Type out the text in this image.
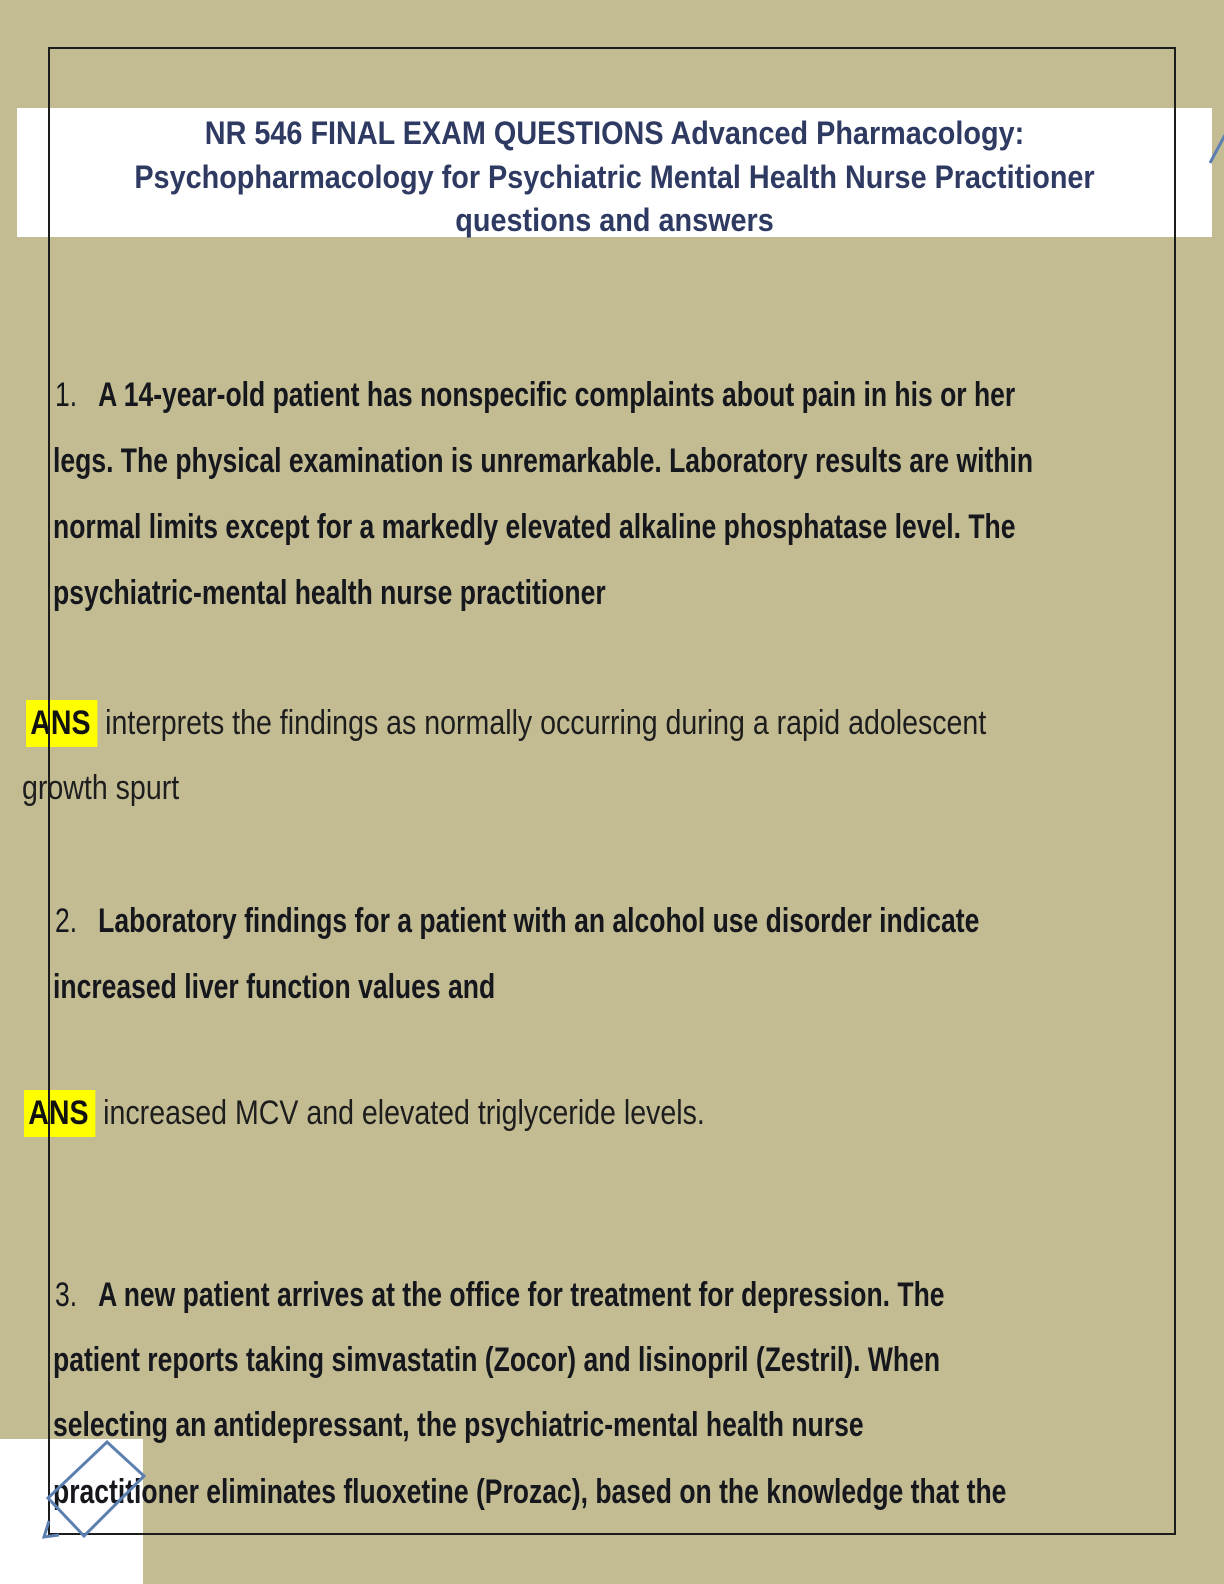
NR 546 FINAL EXAM QUESTIONS Advanced Pharmacology:
Psychopharmacology for Psychiatric Mental Health Nurse Practitioner
questions and answers
1. A 14-year-old patient has nonspecific complaints about pain in his or her
legs. The physical examination is unremarkable. Laboratory results are within
normal limits except for a markedly elevated alkaline phosphatase level. The
psychiatric-mental health nurse practitioner
ANS interprets the findings as normally occurring during a rapid adolescent
growth spurt
2. Laboratory findings for a patient with an alcohol use disorder indicate
increased liver function values and
ANS increased MCV and elevated triglyceride levels.
3. A new patient arrives at the office for treatment for depression. The
patient reports taking simvastatin (Zocor) and lisinopril (Zestril). When
selecting an antidepressant, the psychiatric-mental health nurse
practitioner eliminates fluoxetine (Prozac), based on the knowledge that the
